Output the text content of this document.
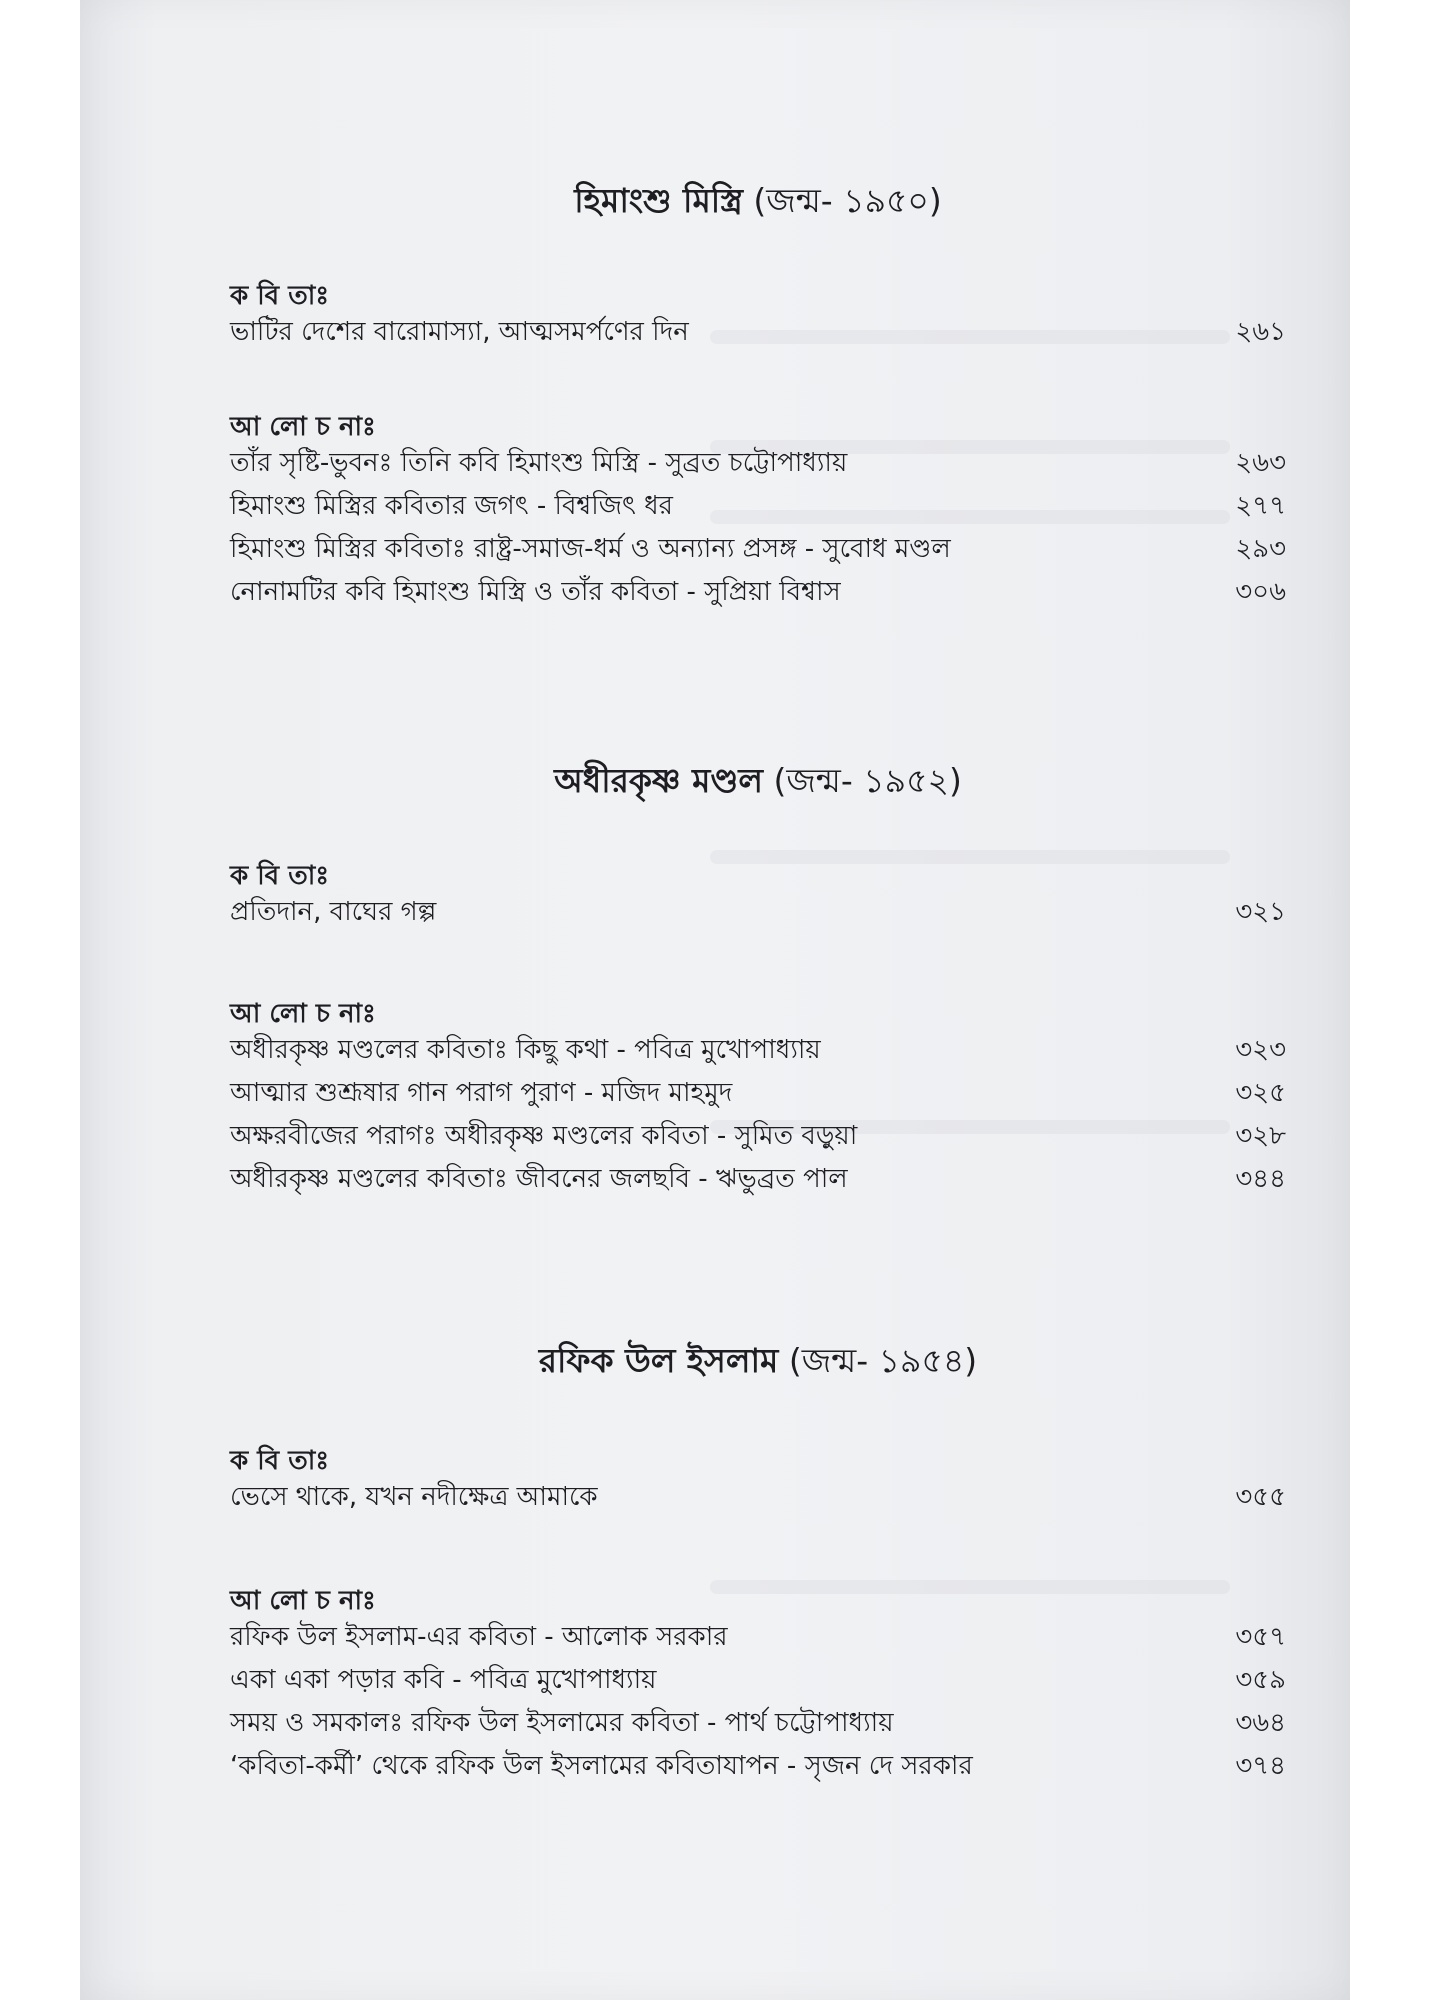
হিমাংশু মিস্ত্রি (জন্ম- ১৯৫০)
ক বি তাঃ
ভাটির দেশের বারোমাস্যা, আত্মসমর্পণের দিন	২৬১
আ লো চ নাঃ
তাঁর সৃষ্টি-ভুবনঃ তিনি কবি হিমাংশু মিস্ত্রি - সুব্রত চট্টোপাধ্যায়	২৬৩
হিমাংশু মিস্ত্রির কবিতার জগৎ - বিশ্বজিৎ ধর	২৭৭
হিমাংশু মিস্ত্রির কবিতাঃ রাষ্ট্র-সমাজ-ধর্ম ও অন্যান্য প্রসঙ্গ - সুবোধ মণ্ডল	২৯৩
নোনামটির কবি হিমাংশু মিস্ত্রি ও তাঁর কবিতা - সুপ্রিয়া বিশ্বাস	৩০৬
অধীরকৃষ্ণ মণ্ডল (জন্ম- ১৯৫২)
ক বি তাঃ
প্রতিদান, বাঘের গল্প	৩২১
আ লো চ নাঃ
অধীরকৃষ্ণ মণ্ডলের কবিতাঃ কিছু কথা - পবিত্র মুখোপাধ্যায়	৩২৩
আত্মার শুশ্রূষার গান পরাগ পুরাণ - মজিদ মাহমুদ	৩২৫
অক্ষরবীজের পরাগঃ অধীরকৃষ্ণ মণ্ডলের কবিতা - সুমিত বড়ুয়া	৩২৮
অধীরকৃষ্ণ মণ্ডলের কবিতাঃ জীবনের জলছবি - ঋভুব্রত পাল	৩৪৪
রফিক উল ইসলাম (জন্ম- ১৯৫৪)
ক বি তাঃ
ভেসে থাকে, যখন নদীক্ষেত্র আমাকে	৩৫৫
আ লো চ নাঃ
রফিক উল ইসলাম-এর কবিতা - আলোক সরকার	৩৫৭
একা একা পড়ার কবি - পবিত্র মুখোপাধ্যায়	৩৫৯
সময় ও সমকালঃ রফিক উল ইসলামের কবিতা - পার্থ চট্টোপাধ্যায়	৩৬৪
‘কবিতা-কর্মী’ থেকে রফিক উল ইসলামের কবিতাযাপন - সৃজন দে সরকার	৩৭৪
